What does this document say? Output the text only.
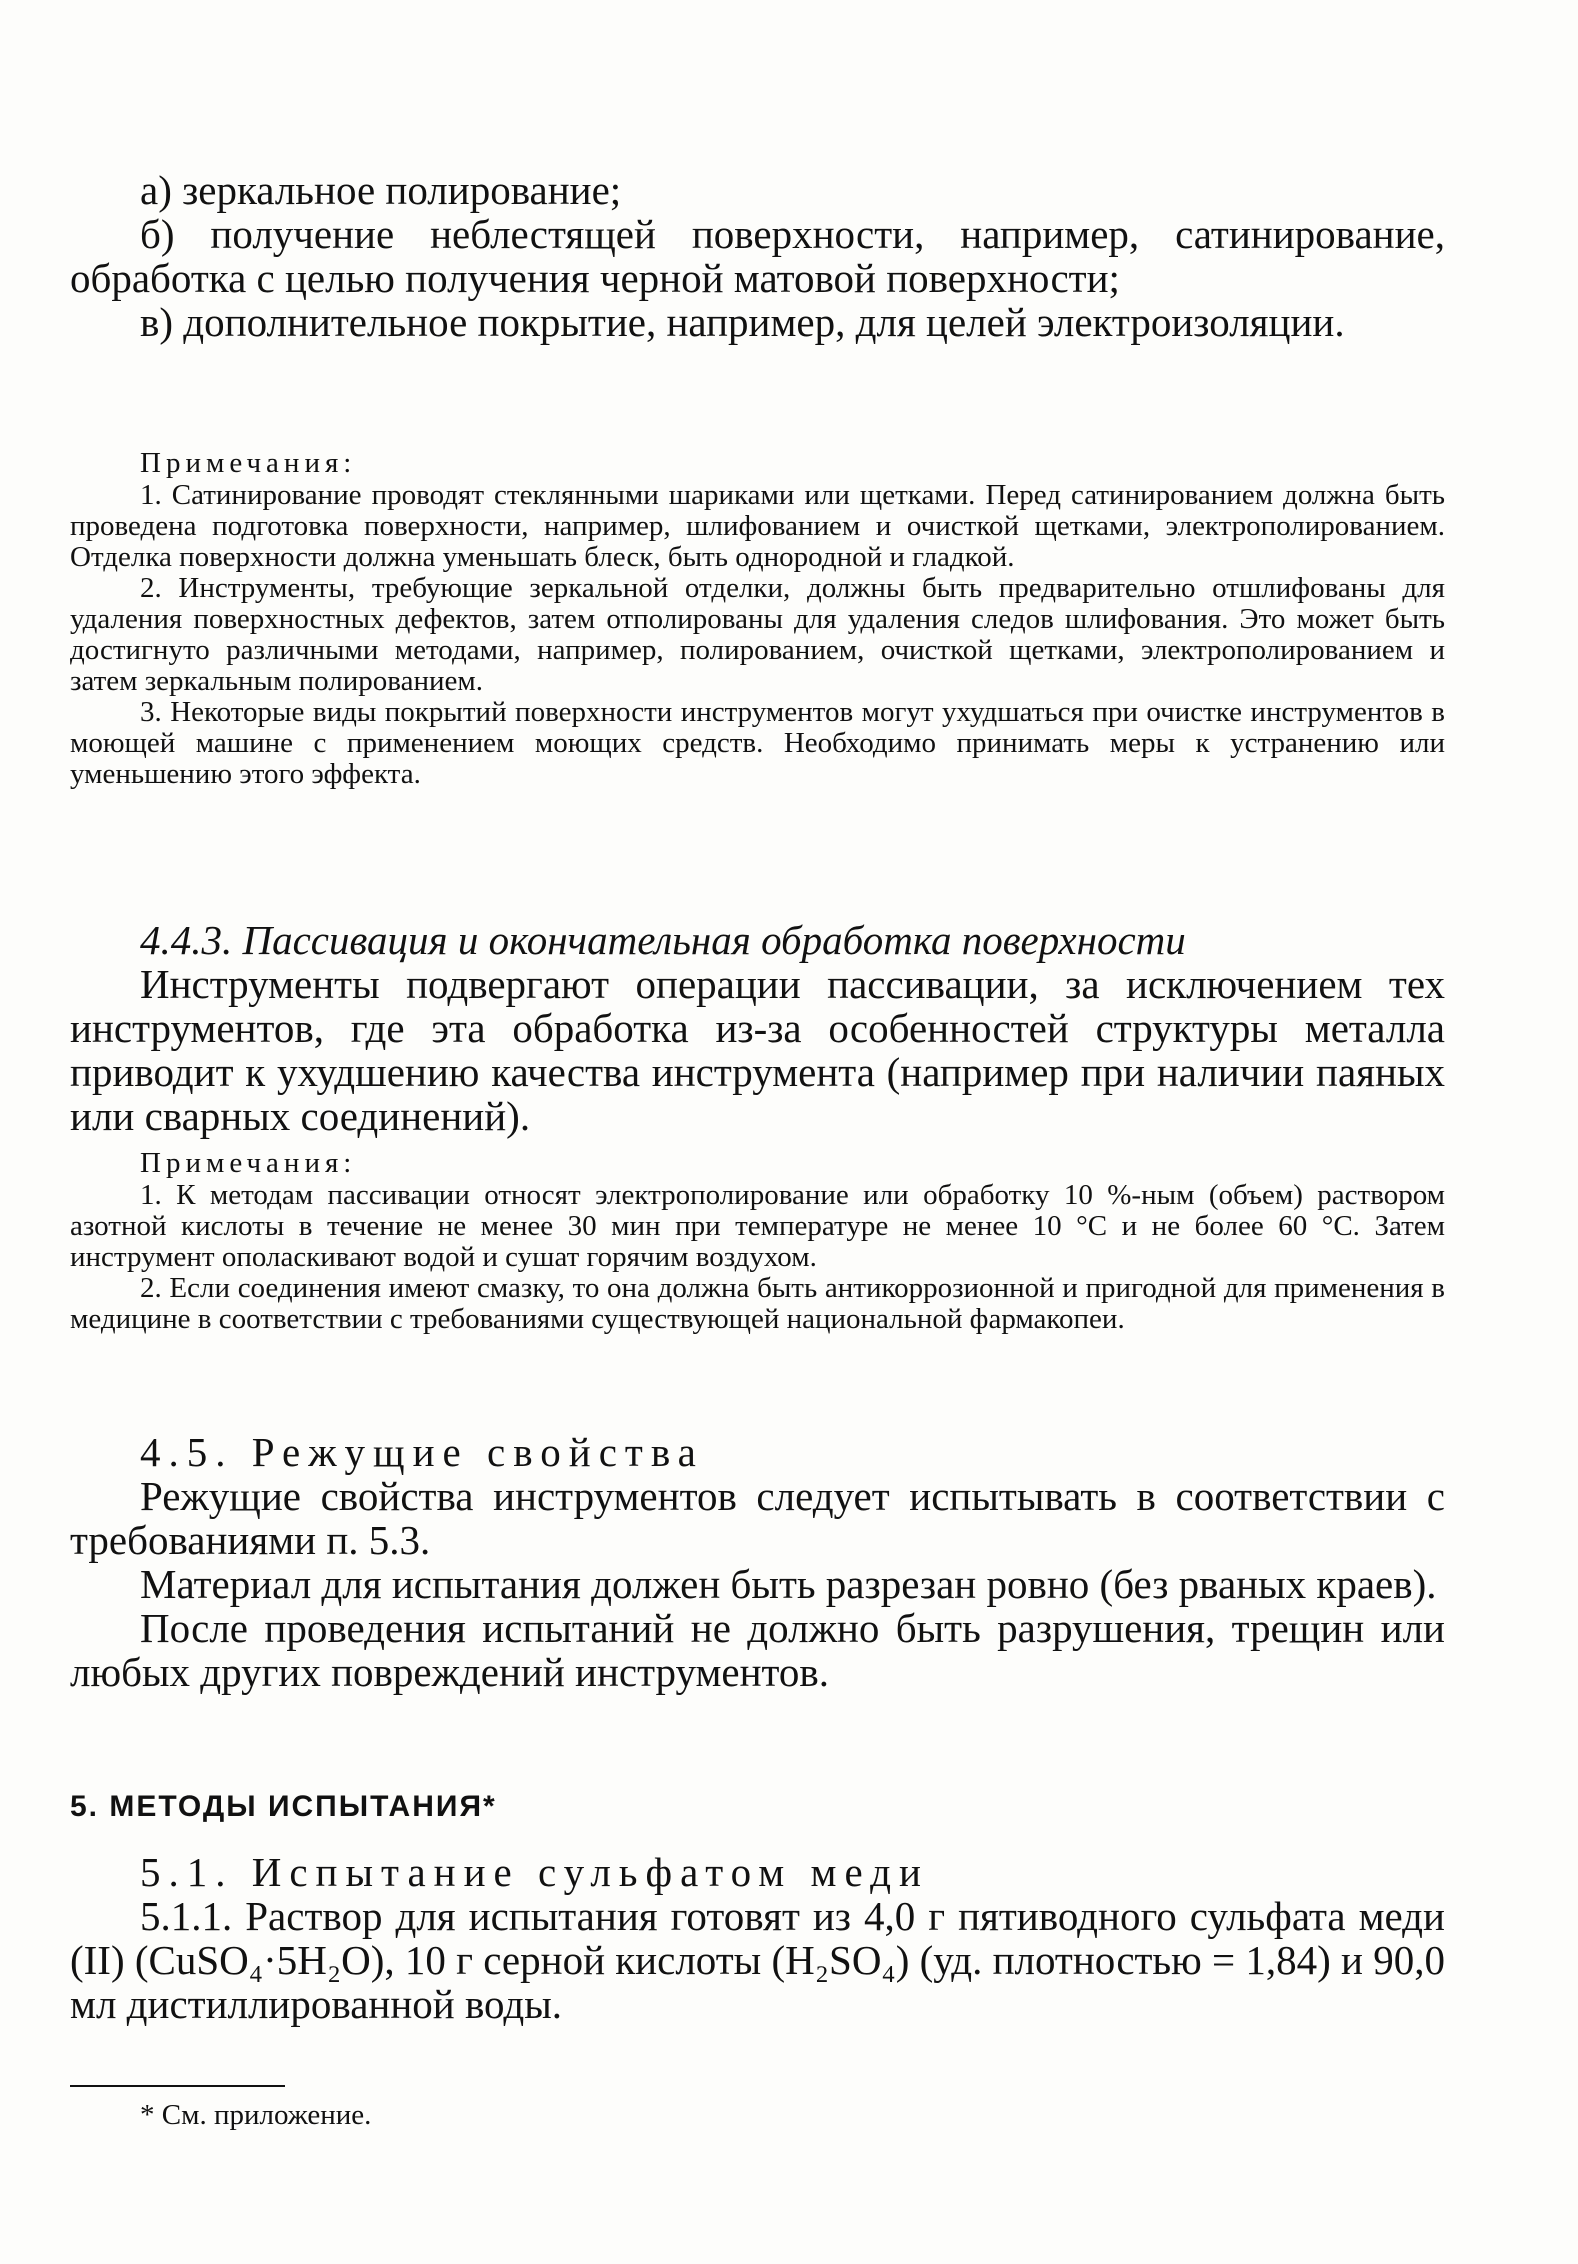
а) зеркальное полирование;

б) получение неблестящей поверхности, например, сатинирование, обработка с целью получения черной матовой поверхности;

в) дополнительное покрытие, например, для целей электроизоляции.

Примечания:

1. Сатинирование проводят стеклянными шариками или щетками. Перед сатинированием должна быть проведена подготовка поверхности, например, шлифованием и очисткой щетками, электрополированием. Отделка поверхности должна уменьшать блеск, быть однородной и гладкой.

2. Инструменты, требующие зеркальной отделки, должны быть предварительно отшлифованы для удаления поверхностных дефектов, затем отполированы для удаления следов шлифования. Это может быть достигнуто различными методами, например, полированием, очисткой щетками, электрополированием и затем зеркальным полированием.

3. Некоторые виды покрытий поверхности инструментов могут ухудшаться при очистке инструментов в моющей машине с применением моющих средств. Необходимо принимать меры к устранению или уменьшению этого эффекта.

4.4.3. Пассивация и окончательная обработка поверхности

Инструменты подвергают операции пассивации, за исключением тех инструментов, где эта обработка из-за особенностей структуры металла приводит к ухудшению качества инструмента (например при наличии паяных или сварных соединений).

Примечания:

1. К методам пассивации относят электрополирование или обработку 10 %-ным (объем) раствором азотной кислоты в течение не менее 30 мин при температуре не менее 10 °С и не более 60 °С. Затем инструмент ополаскивают водой и сушат горячим воздухом.

2. Если соединения имеют смазку, то она должна быть антикоррозионной и пригодной для применения в медицине в соответствии с требованиями существующей национальной фармакопеи.

4.5. Режущие свойства

Режущие свойства инструментов следует испытывать в соответствии с требованиями п. 5.3.

Материал для испытания должен быть разрезан ровно (без рваных краев).

После проведения испытаний не должно быть разрушения, трещин или любых других повреждений инструментов.

5. МЕТОДЫ ИСПЫТАНИЯ*

5.1. Испытание сульфатом меди

5.1.1. Раствор для испытания готовят из 4,0 г пятиводного сульфата меди (II) (CuSO₄·5H₂O), 10 г серной кислоты (H₂SO₄) (уд. плотностью = 1,84) и 90,0 мл дистиллированной воды.

* См. приложение.
